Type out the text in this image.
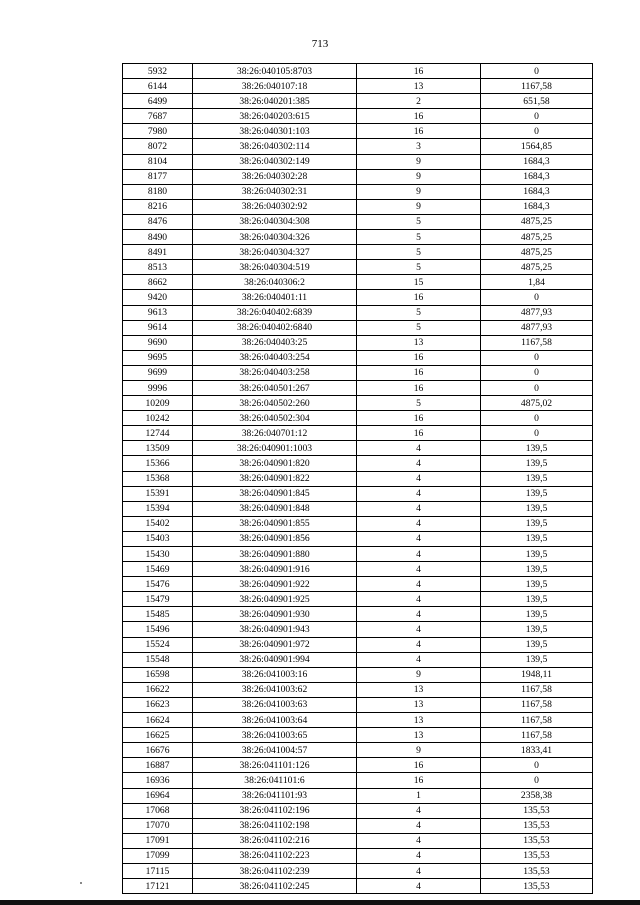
713
5932	38:26:040105:8703	16	0
6144	38:26:040107:18	13	1167,58
6499	38:26:040201:385	2	651,58
7687	38:26:040203:615	16	0
7980	38:26:040301:103	16	0
8072	38:26:040302:114	3	1564,85
8104	38:26:040302:149	9	1684,3
8177	38:26:040302:28	9	1684,3
8180	38:26:040302:31	9	1684,3
8216	38:26:040302:92	9	1684,3
8476	38:26:040304:308	5	4875,25
8490	38:26:040304:326	5	4875,25
8491	38:26:040304:327	5	4875,25
8513	38:26:040304:519	5	4875,25
8662	38:26:040306:2	15	1,84
9420	38:26:040401:11	16	0
9613	38:26:040402:6839	5	4877,93
9614	38:26:040402:6840	5	4877,93
9690	38:26:040403:25	13	1167,58
9695	38:26:040403:254	16	0
9699	38:26:040403:258	16	0
9996	38:26:040501:267	16	0
10209	38:26:040502:260	5	4875,02
10242	38:26:040502:304	16	0
12744	38:26:040701:12	16	0
13509	38:26:040901:1003	4	139,5
15366	38:26:040901:820	4	139,5
15368	38:26:040901:822	4	139,5
15391	38:26:040901:845	4	139,5
15394	38:26:040901:848	4	139,5
15402	38:26:040901:855	4	139,5
15403	38:26:040901:856	4	139,5
15430	38:26:040901:880	4	139,5
15469	38:26:040901:916	4	139,5
15476	38:26:040901:922	4	139,5
15479	38:26:040901:925	4	139,5
15485	38:26:040901:930	4	139,5
15496	38:26:040901:943	4	139,5
15524	38:26:040901:972	4	139,5
15548	38:26:040901:994	4	139,5
16598	38:26:041003:16	9	1948,11
16622	38:26:041003:62	13	1167,58
16623	38:26:041003:63	13	1167,58
16624	38:26:041003:64	13	1167,58
16625	38:26:041003:65	13	1167,58
16676	38:26:041004:57	9	1833,41
16887	38:26:041101:126	16	0
16936	38:26:041101:6	16	0
16964	38:26:041101:93	1	2358,38
17068	38:26:041102:196	4	135,53
17070	38:26:041102:198	4	135,53
17091	38:26:041102:216	4	135,53
17099	38:26:041102:223	4	135,53
17115	38:26:041102:239	4	135,53
17121	38:26:041102:245	4	135,53
